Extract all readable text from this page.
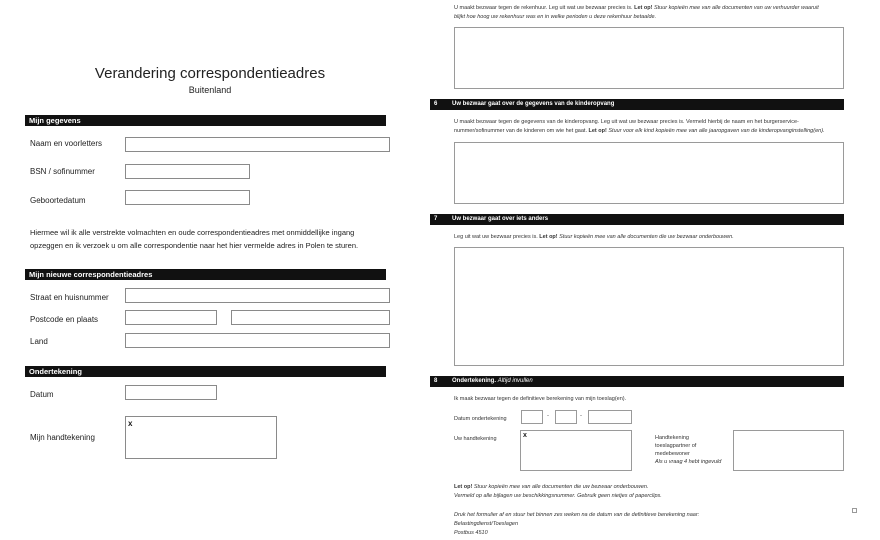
Verandering correspondentieadres
Buitenland
Mijn gegevens
Naam en voorletters
BSN / sofinummer
Geboortedatum
Hiermee wil ik alle verstrekte volmachten en oude correspondentieadres met onmiddellijke ingang
opzeggen en ik verzoek u om alle correspondentie naar het hier vermelde adres in Polen te sturen.
Mijn nieuwe correspondentieadres
Straat en huisnummer
Postcode en plaats
Land
Ondertekening
Datum
Mijn handtekening
x
U maakt bezwaar tegen de rekenhuur. Leg uit wat uw bezwaar precies is. Let op! Stuur kopieën mee van alle documenten van uw verhuurder waaruit
blijkt hoe hoog uw rekenhuur was en in welke perioden u deze rekenhuur betaalde.
6 Uw bezwaar gaat over de gegevens van de kinderopvang
U maakt bezwaar tegen de gegevens van de kinderopvang. Leg uit wat uw bezwaar precies is. Vermeld hierbij de naam en het burgerservice-
nummer/sofinummer van de kinderen om wie het gaat. Let op! Stuur voor elk kind kopieën mee van alle jaaropgaven van de kinderopvanginstelling(en).
7 Uw bezwaar gaat over iets anders
Leg uit wat uw bezwaar precies is. Let op! Stuur kopieën mee van alle documenten die uw bezwaar onderbouwen.
8 Ondertekening. Altijd invullen
Ik maak bezwaar tegen de definitieve berekening van mijn toeslag(en).
Datum ondertekening	-	-
Uw handtekening	x	Handtekening
toeslagpartner of
medebewoner
Als u vraag 4 hebt ingevuld
Let op! Stuur kopieën mee van alle documenten die uw bezwaar onderbouwen.
Vermeld op alle bijlagen uw beschikkingsnummer. Gebruik geen nietjes of paperclips.
Druk het formulier af en stuur het binnen zes weken na de datum van de definitieve berekening naar:
Belastingdienst/Toeslagen
Postbus 4510
